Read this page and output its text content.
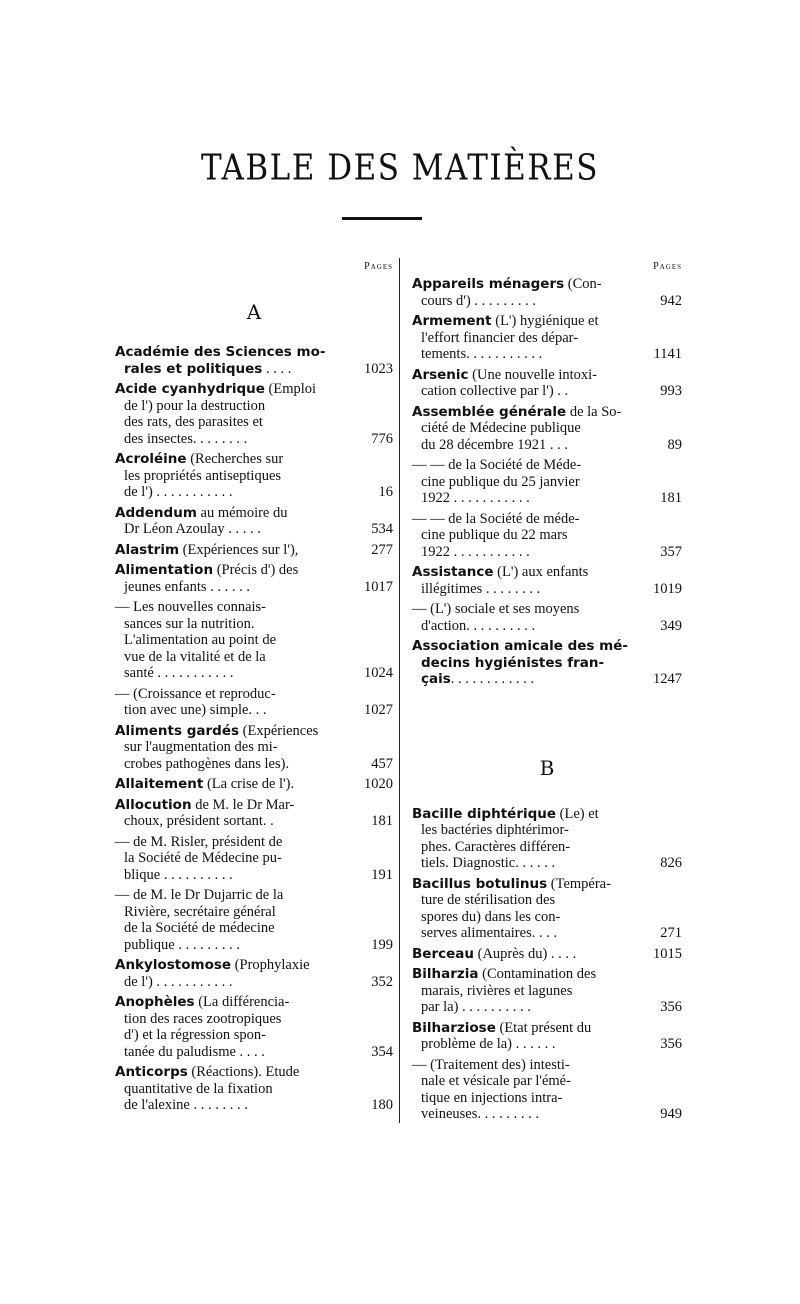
TABLE DES MATIÈRES
Pages
A
Académie des Sciences mo-
rales et politiques . . . .	1023
Acide cyanhydrique (Emploi
de l') pour la destruction
des rats, des parasites et
des insectes. . . . . . . .	776
Acroléine (Recherches sur
les propriétés antiseptiques
de l') . . . . . . . . . . .	16
Addendum au mémoire du
Dr Léon Azoulay . . . . .	534
Alastrim (Expériences sur l'),	277
Alimentation (Précis d') des
jeunes enfants . . . . . .	1017
— Les nouvelles connais-
sances sur la nutrition.
L'alimentation au point de
vue de la vitalité et de la
santé . . . . . . . . . . .	1024
— (Croissance et reproduc-
tion avec une) simple. . .	1027
Aliments gardés (Expériences
sur l'augmentation des mi-
crobes pathogènes dans les).	457
Allaitement (La crise de l').	1020
Allocution de M. le Dr Mar-
choux, président sortant. .	181
— de M. Risler, président de
la Société de Médecine pu-
blique . . . . . . . . . .	191
— de M. le Dr Dujarric de la
Rivière, secrétaire général
de la Société de médecine
publique . . . . . . . . .	199
Ankylostomose (Prophylaxie
de l') . . . . . . . . . . .	352
Anophèles (La différencia-
tion des races zootropiques
d') et la régression spon-
tanée du paludisme . . . .	354
Anticorps (Réactions). Etude
quantitative de la fixation
de l'alexine . . . . . . . .	180
Pages
Appareils ménagers (Con-
cours d') . . . . . . . . .	942
Armement (L') hygiénique et
l'effort financier des dépar-
tements. . . . . . . . . . .	1141
Arsenic (Une nouvelle intoxi-
cation collective par l') . .	993
Assemblée générale de la So-
ciété de Médecine publique
du 28 décembre 1921 . . .	89
— — de la Société de Méde-
cine publique du 25 janvier
1922 . . . . . . . . . . .	181
— — de la Société de méde-
cine publique du 22 mars
1922 . . . . . . . . . . .	357
Assistance (L') aux enfants
illégitimes . . . . . . . .	1019
— (L') sociale et ses moyens
d'action. . . . . . . . . .	349
Association amicale des mé-
decins hygiénistes fran-
çais. . . . . . . . . . . .	1247
B
Bacille diphtérique (Le) et
les bactéries diphtérimor-
phes. Caractères différen-
tiels. Diagnostic. . . . . .	826
Bacillus botulinus (Tempéra-
ture de stérilisation des
spores du) dans les con-
serves alimentaires. . . .	271
Berceau (Auprès du) . . . .	1015
Bilharzia (Contamination des
marais, rivières et lagunes
par la) . . . . . . . . . .	356
Bilharziose (Etat présent du
problème de la) . . . . . .	356
— (Traitement des) intesti-
nale et vésicale par l'émé-
tique en injections intra-
veineuses. . . . . . . . .	949
